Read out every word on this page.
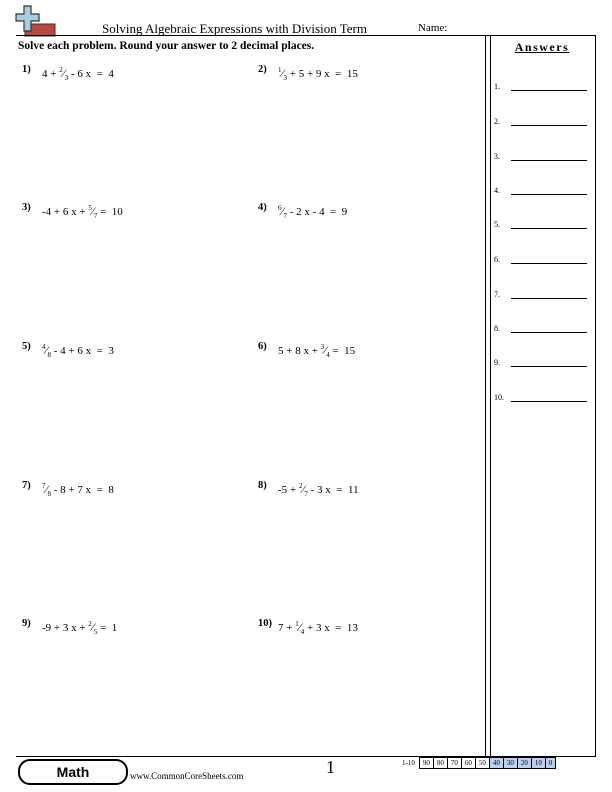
Solving Algebraic Expressions with Division Term	Name:
Solve each problem. Round your answer to 2 decimal places.	Answers
1.
2.
3.
4.
5.
6.
7.
8.
9.
10.
1) $4 + ^2⁄_3 - 6$ x  =  4	2) $^1⁄_3 + 5 + 9$ x  =  15
3) -4 + 6 $x + ^5⁄_7 = 10$	4) $^6⁄_7 - 2$ x - 4  =  9
5) $^4⁄_8 - 4 + 6$ x  =  3	6) 5 + 8 $x + ^3⁄_4 = 15$
7) $^7⁄_8 - 8 + 7$ x  =  8	8) $-5 + ^2⁄_7 - 3$ x  =  11
9) -9 + 3 $x + ^2⁄_5 = 1$	10) $7 + ^1⁄_4 + 3$ x  =  13
Math	www.CommonCoreSheets.com	1	1-10	90	80	70	60	50	40	30	20	10	0
